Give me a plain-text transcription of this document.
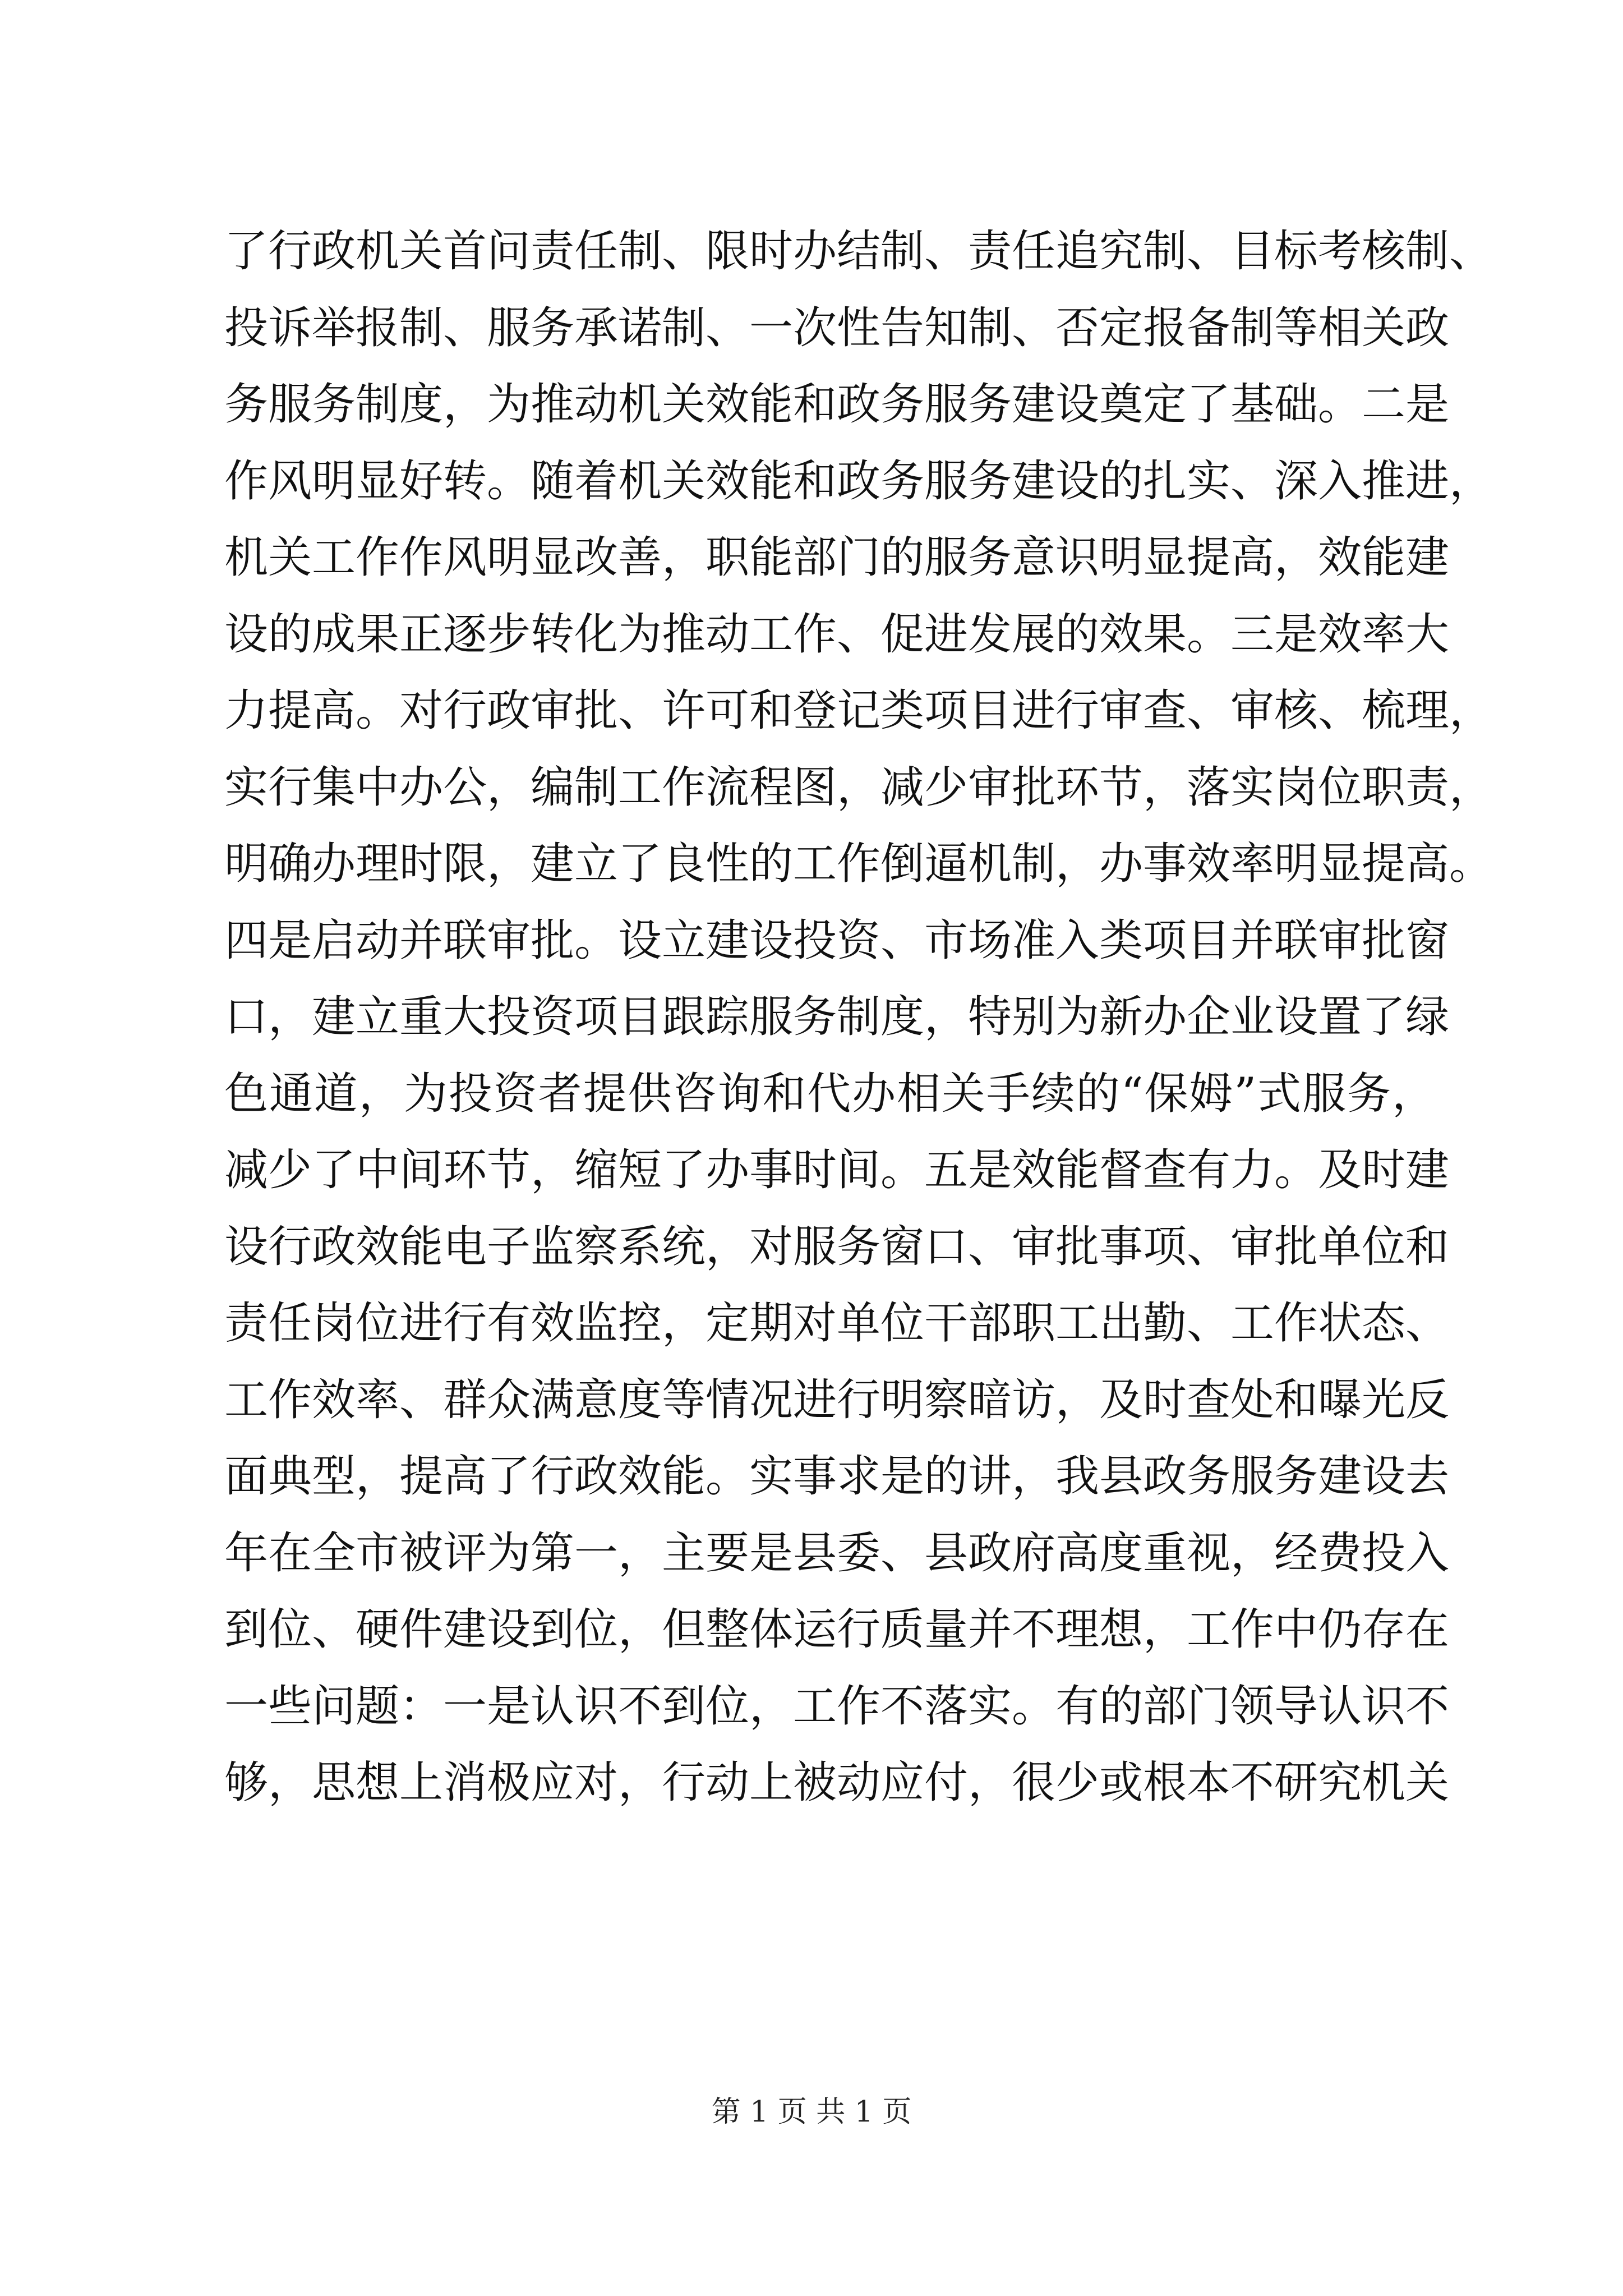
了行政机关首问责任制、限时办结制、责任追究制、目标考核制、
投诉举报制、服务承诺制、一次性告知制、否定报备制等相关政
务服务制度，为推动机关效能和政务服务建设奠定了基础。二是
作风明显好转。随着机关效能和政务服务建设的扎实、深入推进，
机关工作作风明显改善，职能部门的服务意识明显提高，效能建
设的成果正逐步转化为推动工作、促进发展的效果。三是效率大
力提高。对行政审批、许可和登记类项目进行审查、审核、梳理，
实行集中办公，编制工作流程图，减少审批环节，落实岗位职责，
明确办理时限，建立了良性的工作倒逼机制，办事效率明显提高。
四是启动并联审批。设立建设投资、市场准入类项目并联审批窗
口，建立重大投资项目跟踪服务制度，特别为新办企业设置了绿
色通道，为投资者提供咨询和代办相关手续的“保姆”式服务，
减少了中间环节，缩短了办事时间。五是效能督查有力。及时建
设行政效能电子监察系统，对服务窗口、审批事项、审批单位和
责任岗位进行有效监控，定期对单位干部职工出勤、工作状态、
工作效率、群众满意度等情况进行明察暗访，及时查处和曝光反
面典型，提高了行政效能。实事求是的讲，我县政务服务建设去
年在全市被评为第一，主要是县委、县政府高度重视，经费投入
到位、硬件建设到位，但整体运行质量并不理想，工作中仍存在
一些问题：一是认识不到位，工作不落实。有的部门领导认识不
够，思想上消极应对，行动上被动应付，很少或根本不研究机关
第 1 页 共 1 页
